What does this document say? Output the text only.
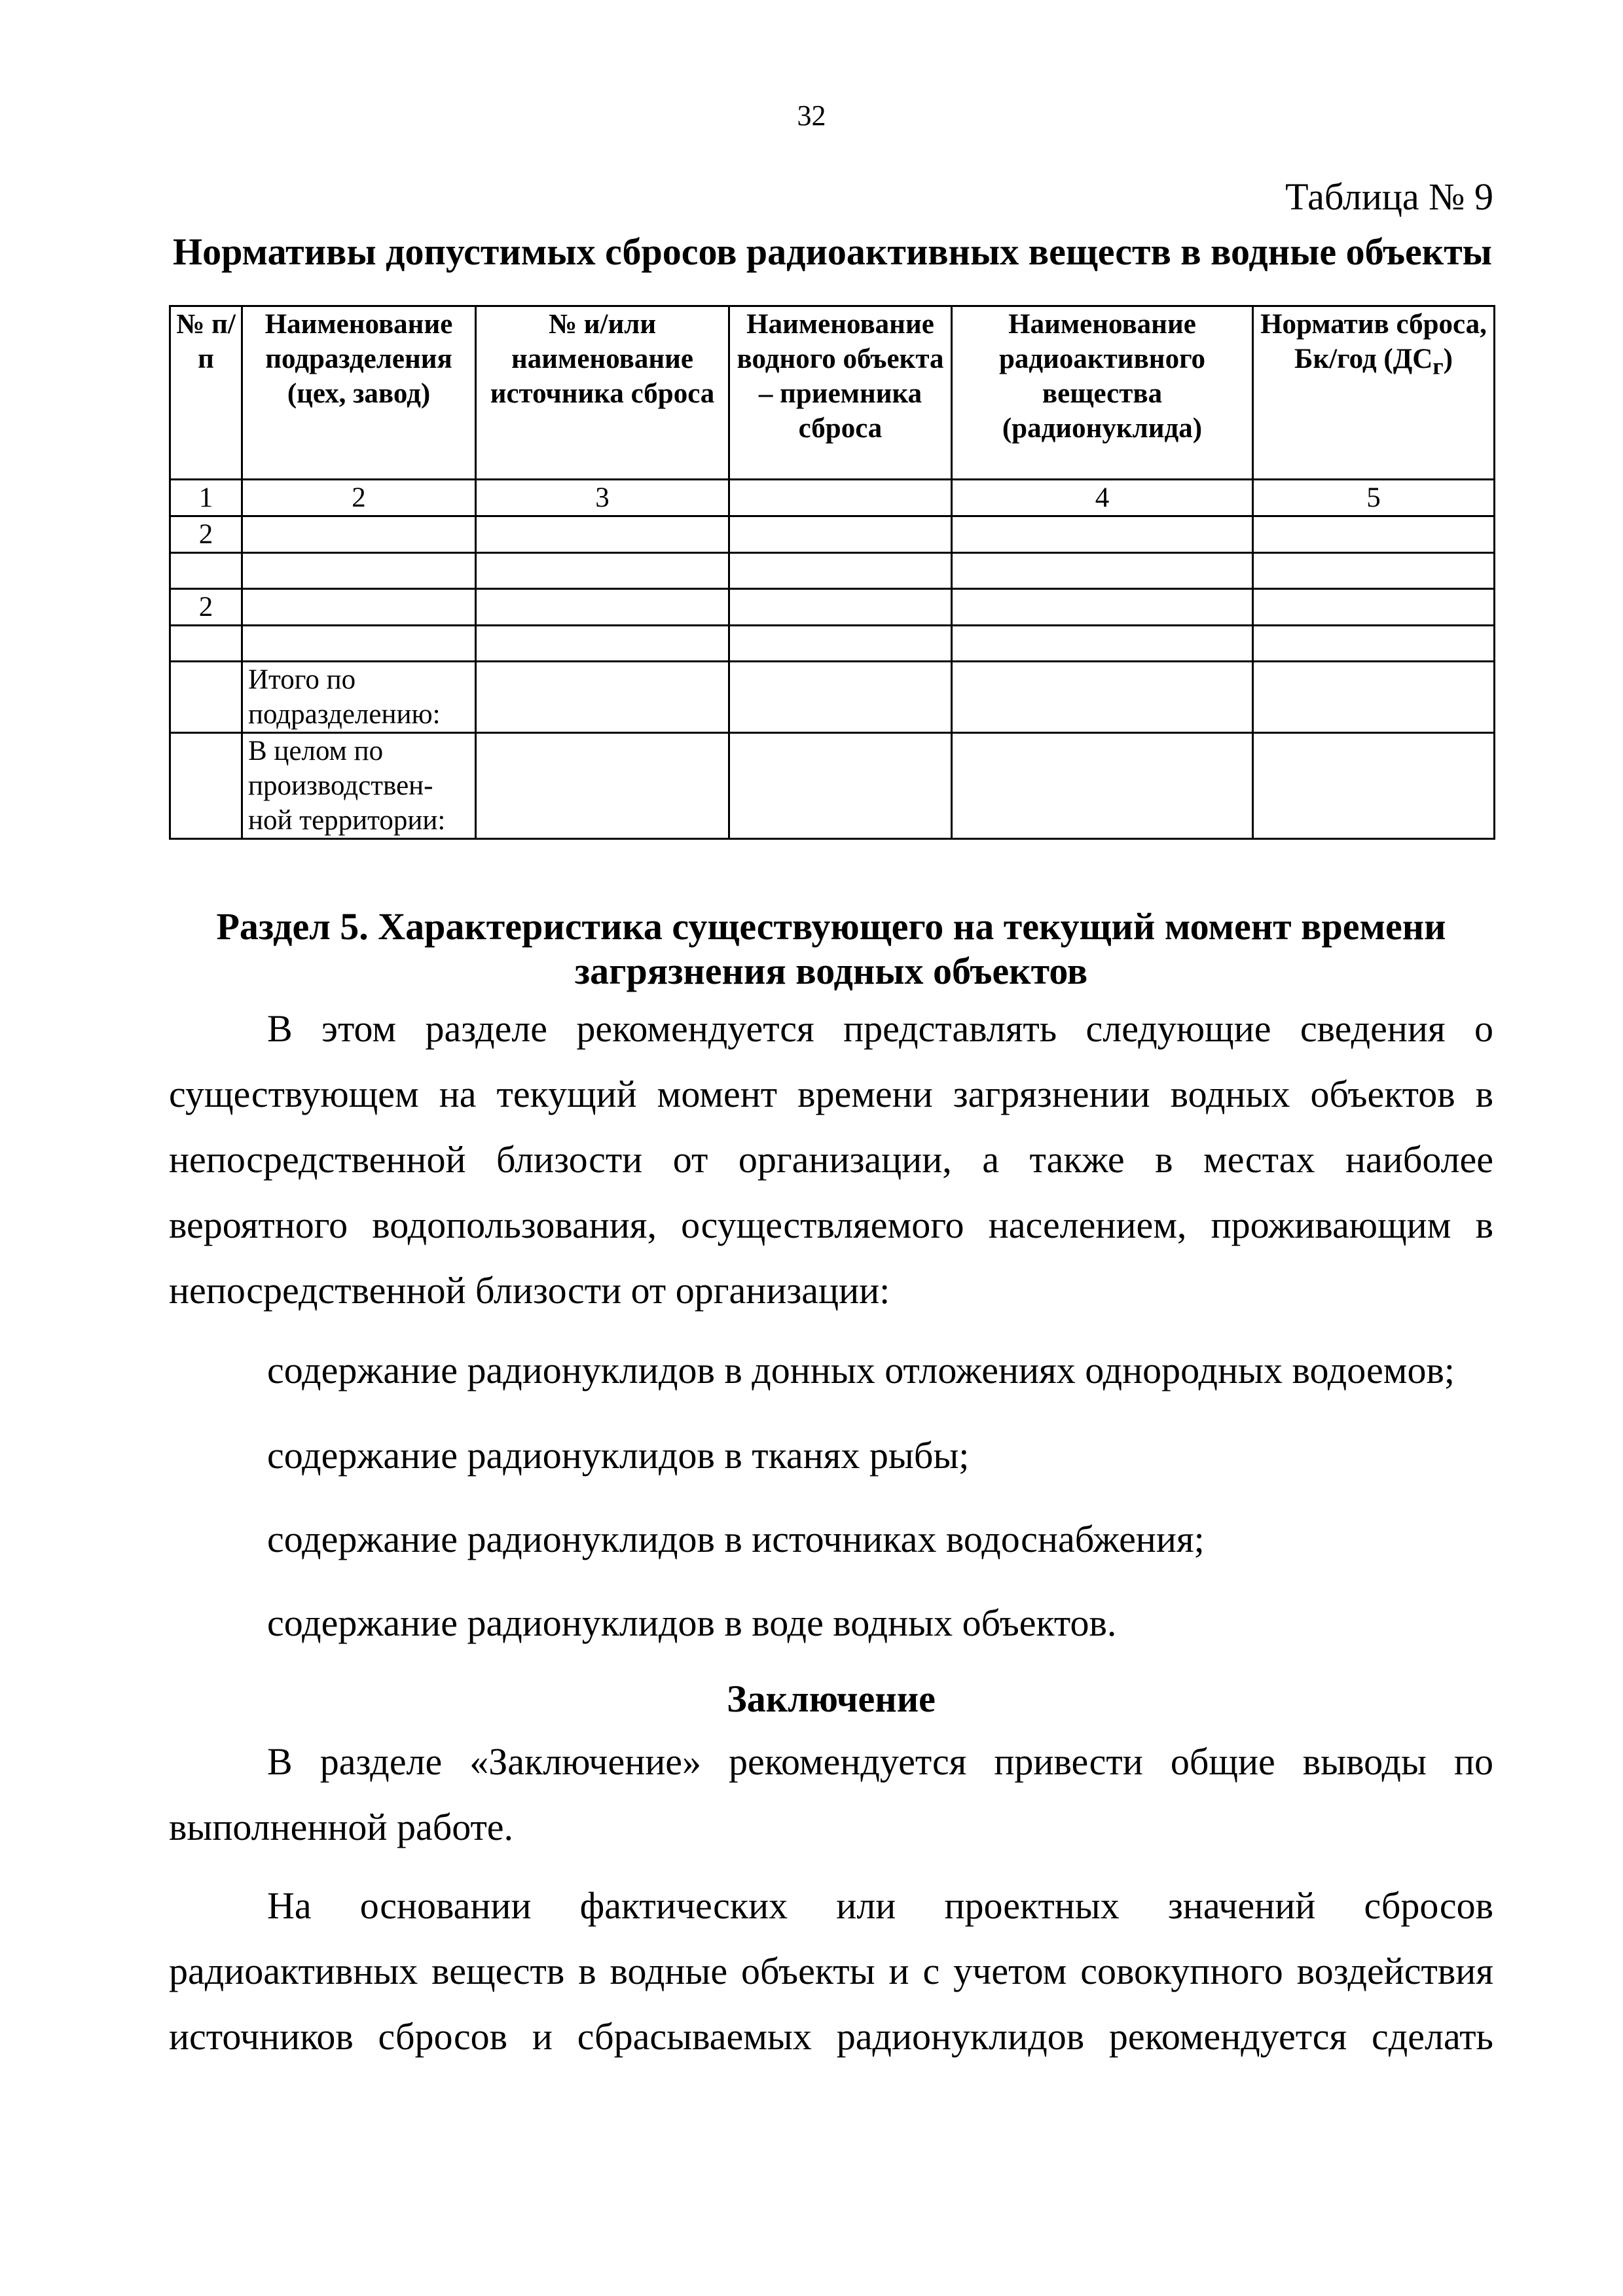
32
Таблица № 9
Нормативы допустимых сбросов радиоактивных веществ в водные объекты
№ п/п	Наименование подразделения (цех, завод)	№ и/или наименование источника сброса	Наименование водного объекта – приемника сброса	Наименование радиоактивного вещества (радионуклида)	Норматив сброса, Бк/год $(ДС_г)$
1	2	3		4	5
2					

2					

	Итого по подразделению:				
	В целом по производствен-ной территории:				
Раздел 5. Характеристика существующего на текущий момент времени
загрязнения водных объектов
В этом разделе рекомендуется представлять следующие сведения о
существующем на текущий момент времени загрязнении водных объектов в
непосредственной близости от организации, а также в местах наиболее
вероятного водопользования, осуществляемого населением, проживающим в
непосредственной близости от организации:
содержание радионуклидов в донных отложениях однородных водоемов;
содержание радионуклидов в тканях рыбы;
содержание радионуклидов в источниках водоснабжения;
содержание радионуклидов в воде водных объектов.
Заключение
В разделе «Заключение» рекомендуется привести общие выводы по
выполненной работе.
На основании фактических или проектных значений сбросов
радиоактивных веществ в водные объекты и с учетом совокупного воздействия
источников сбросов и сбрасываемых радионуклидов рекомендуется сделать
